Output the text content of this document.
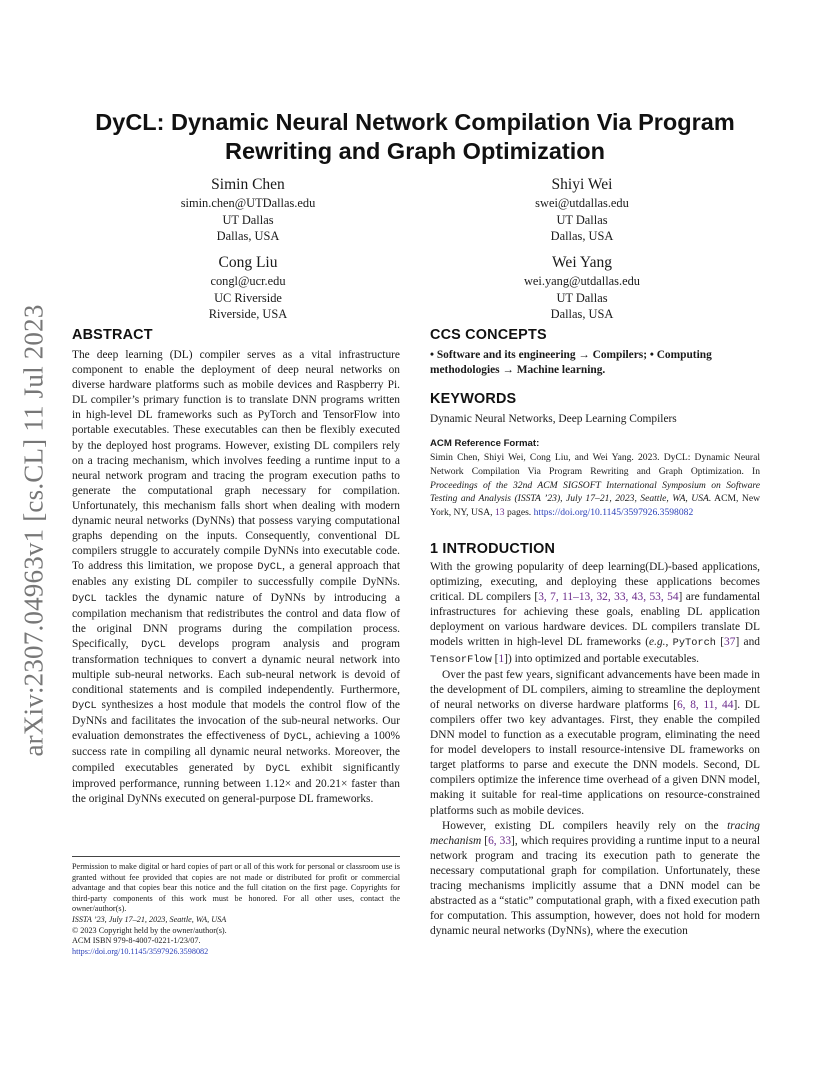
arXiv:2307.04963v1 [cs.CL] 11 Jul 2023
DyCL: Dynamic Neural Network Compilation Via Program
Rewriting and Graph Optimization
Simin Chen
simin.chen@UTDallas.edu
UT Dallas
Dallas, USA
Shiyi Wei
swei@utdallas.edu
UT Dallas
Dallas, USA
Cong Liu
congl@ucr.edu
UC Riverside
Riverside, USA
Wei Yang
wei.yang@utdallas.edu
UT Dallas
Dallas, USA
ABSTRACT

The deep learning (DL) compiler serves as a vital infrastructure component to enable the deployment of deep neural networks on diverse hardware platforms such as mobile devices and Raspberry Pi. DL compiler’s primary function is to translate DNN programs written in high-level DL frameworks such as PyTorch and TensorFlow into portable executables. These executables can then be flexibly executed by the deployed host programs. However, existing DL compilers rely on a tracing mechanism, which involves feeding a runtime input to a neural network program and tracing the program execution paths to generate the computational graph necessary for compilation. Unfortunately, this mechanism falls short when dealing with modern dynamic neural networks (DyNNs) that possess varying computational graphs depending on the inputs. Consequently, conventional DL compilers struggle to accurately compile DyNNs into executable code. To address this limitation, we propose DyCL, a general approach that enables any existing DL compiler to successfully compile DyNNs. DyCL tackles the dynamic nature of DyNNs by introducing a compilation mechanism that redistributes the control and data flow of the original DNN programs during the compilation process. Specifically, DyCL develops program analysis and program transformation techniques to convert a dynamic neural network into multiple sub-neural networks. Each sub-neural network is devoid of conditional statements and is compiled independently. Furthermore, DyCL synthesizes a host module that models the control flow of the DyNNs and facilitates the invocation of the sub-neural networks. Our evaluation demonstrates the effectiveness of DyCL, achieving a 100% success rate in compiling all dynamic neural networks. Moreover, the compiled executables generated by DyCL exhibit significantly improved performance, running between 1.12× and 20.21× faster than the original DyNNs executed on general-purpose DL frameworks.

Permission to make digital or hard copies of part or all of this work for personal or classroom use is granted without fee provided that copies are not made or distributed for profit or commercial advantage and that copies bear this notice and the full citation on the first page. Copyrights for third-party components of this work must be honored. For all other uses, contact the owner/author(s).

ISSTA ’23, July 17–21, 2023, Seattle, WA, USA

© 2023 Copyright held by the owner/author(s).

ACM ISBN 979-8-4007-0221-1/23/07.

https://doi.org/10.1145/3597926.3598082

CCS CONCEPTS
• Software and its engineering → Compilers; • Computing methodologies → Machine learning.
KEYWORDS
Dynamic Neural Networks, Deep Learning Compilers
ACM Reference Format:
Simin Chen, Shiyi Wei, Cong Liu, and Wei Yang. 2023. DyCL: Dynamic Neural Network Compilation Via Program Rewriting and Graph Optimization. In Proceedings of the 32nd ACM SIGSOFT International Symposium on Software Testing and Analysis (ISSTA ’23), July 17–21, 2023, Seattle, WA, USA. ACM, New York, NY, USA, 13 pages. https://doi.org/10.1145/3597926.3598082
1 INTRODUCTION

With the growing popularity of deep learning(DL)-based applications, optimizing, executing, and deploying these applications becomes critical. DL compilers [3, 7, 11–13, 32, 33, 43, 53, 54] are fundamental infrastructures for achieving these goals, enabling DL application deployment on various hardware devices. DL compilers translate DL models written in high-level DL frameworks (e.g., PyTorch [37] and TensorFlow [1]) into optimized and portable executables.

Over the past few years, significant advancements have been made in the development of DL compilers, aiming to streamline the deployment of neural networks on diverse hardware platforms [6, 8, 11, 44]. DL compilers offer two key advantages. First, they enable the compiled DNN model to function as a executable program, eliminating the need for model developers to install resource-intensive DL frameworks on target platforms to parse and execute the DNN models. Second, DL compilers optimize the inference time overhead of a given DNN model, making it suitable for real-time applications on resource-constrained platforms such as mobile devices.

However, existing DL compilers heavily rely on the tracing mechanism [6, 33], which requires providing a runtime input to a neural network program and tracing its execution path to generate the necessary computational graph for compilation. Unfortunately, these tracing mechanisms implicitly assume that a DNN model can be abstracted as a “static” computational graph, with a fixed execution path for computation. This assumption, however, does not hold for modern dynamic neural networks (DyNNs), where the execution
